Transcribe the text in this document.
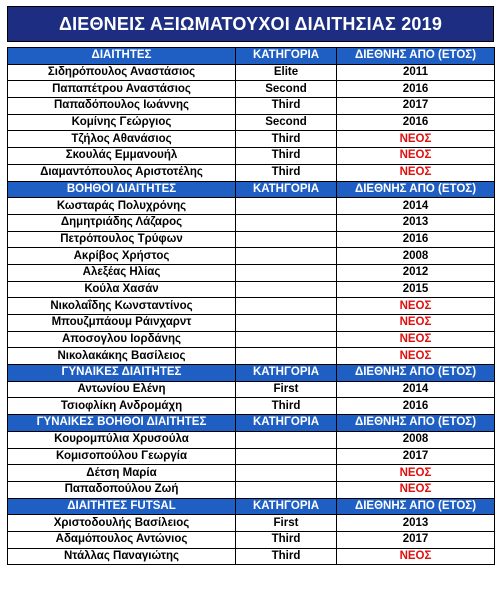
ΔΙΕΘΝΕΙΣ ΑΞΙΩΜΑΤΟΥΧΟΙ ΔΙΑΙΤΗΣΙΑΣ 2019
ΔΙΑΙΤΗΤΕΣ	ΚΑΤΗΓΟΡΙΑ	ΔΙΕΘΝΗΣ ΑΠΟ (ΕΤΟΣ)
Σιδηρόπουλος Αναστάσιος	Elite	2011
Παπαπέτρου Αναστάσιος	Second	2016
Παπαδόπουλος Ιωάννης	Third	2017
Κομίνης Γεώργιος	Second	2016
Τζήλος Αθανάσιος	Third	ΝΕΟΣ
Σκουλάς Εμμανουήλ	Third	ΝΕΟΣ
Διαμαντόπουλος Αριστοτέλης	Third	ΝΕΟΣ
ΒΟΗΘΟΙ ΔΙΑΙΤΗΤΕΣ	ΚΑΤΗΓΟΡΙΑ	ΔΙΕΘΝΗΣ ΑΠΟ (ΕΤΟΣ)
Κωσταράς Πολυχρόνης		2014
Δημητριάδης Λάζαρος		2013
Πετρόπουλος Τρύφων		2016
Ακρίβος Χρήστος		2008
Αλεξέας Ηλίας		2012
Κούλα Χασάν		2015
Νικολαΐδης Κωνσταντίνος		ΝΕΟΣ
Μπουζμπάουμ Ράινχαρντ		ΝΕΟΣ
Αποσογλου Ιορδάνης		ΝΕΟΣ
Νικολακάκης Βασίλειος		ΝΕΟΣ
ΓΥΝΑΙΚΕΣ ΔΙΑΙΤΗΤΕΣ	ΚΑΤΗΓΟΡΙΑ	ΔΙΕΘΝΗΣ ΑΠΟ (ΕΤΟΣ)
Αντωνίου Ελένη	First	2014
Τσιοφλίκη Ανδρομάχη	Third	2016
ΓΥΝΑΙΚΕΣ ΒΟΗΘΟΙ ΔΙΑΙΤΗΤΕΣ	ΚΑΤΗΓΟΡΙΑ	ΔΙΕΘΝΗΣ ΑΠΟ (ΕΤΟΣ)
Κουρομπύλια Χρυσούλα		2008
Κομισοπούλου Γεωργία		2017
Δέτση Μαρία		ΝΕΟΣ
Παπαδοπούλου Ζωή		ΝΕΟΣ
ΔΙΑΙΤΗΤΕΣ FUTSAL	ΚΑΤΗΓΟΡΙΑ	ΔΙΕΘΝΗΣ ΑΠΟ (ΕΤΟΣ)
Χριστοδουλής Βασίλειος	First	2013
Αδαμόπουλος Αντώνιος	Third	2017
Ντάλλας Παναγιώτης	Third	ΝΕΟΣ
